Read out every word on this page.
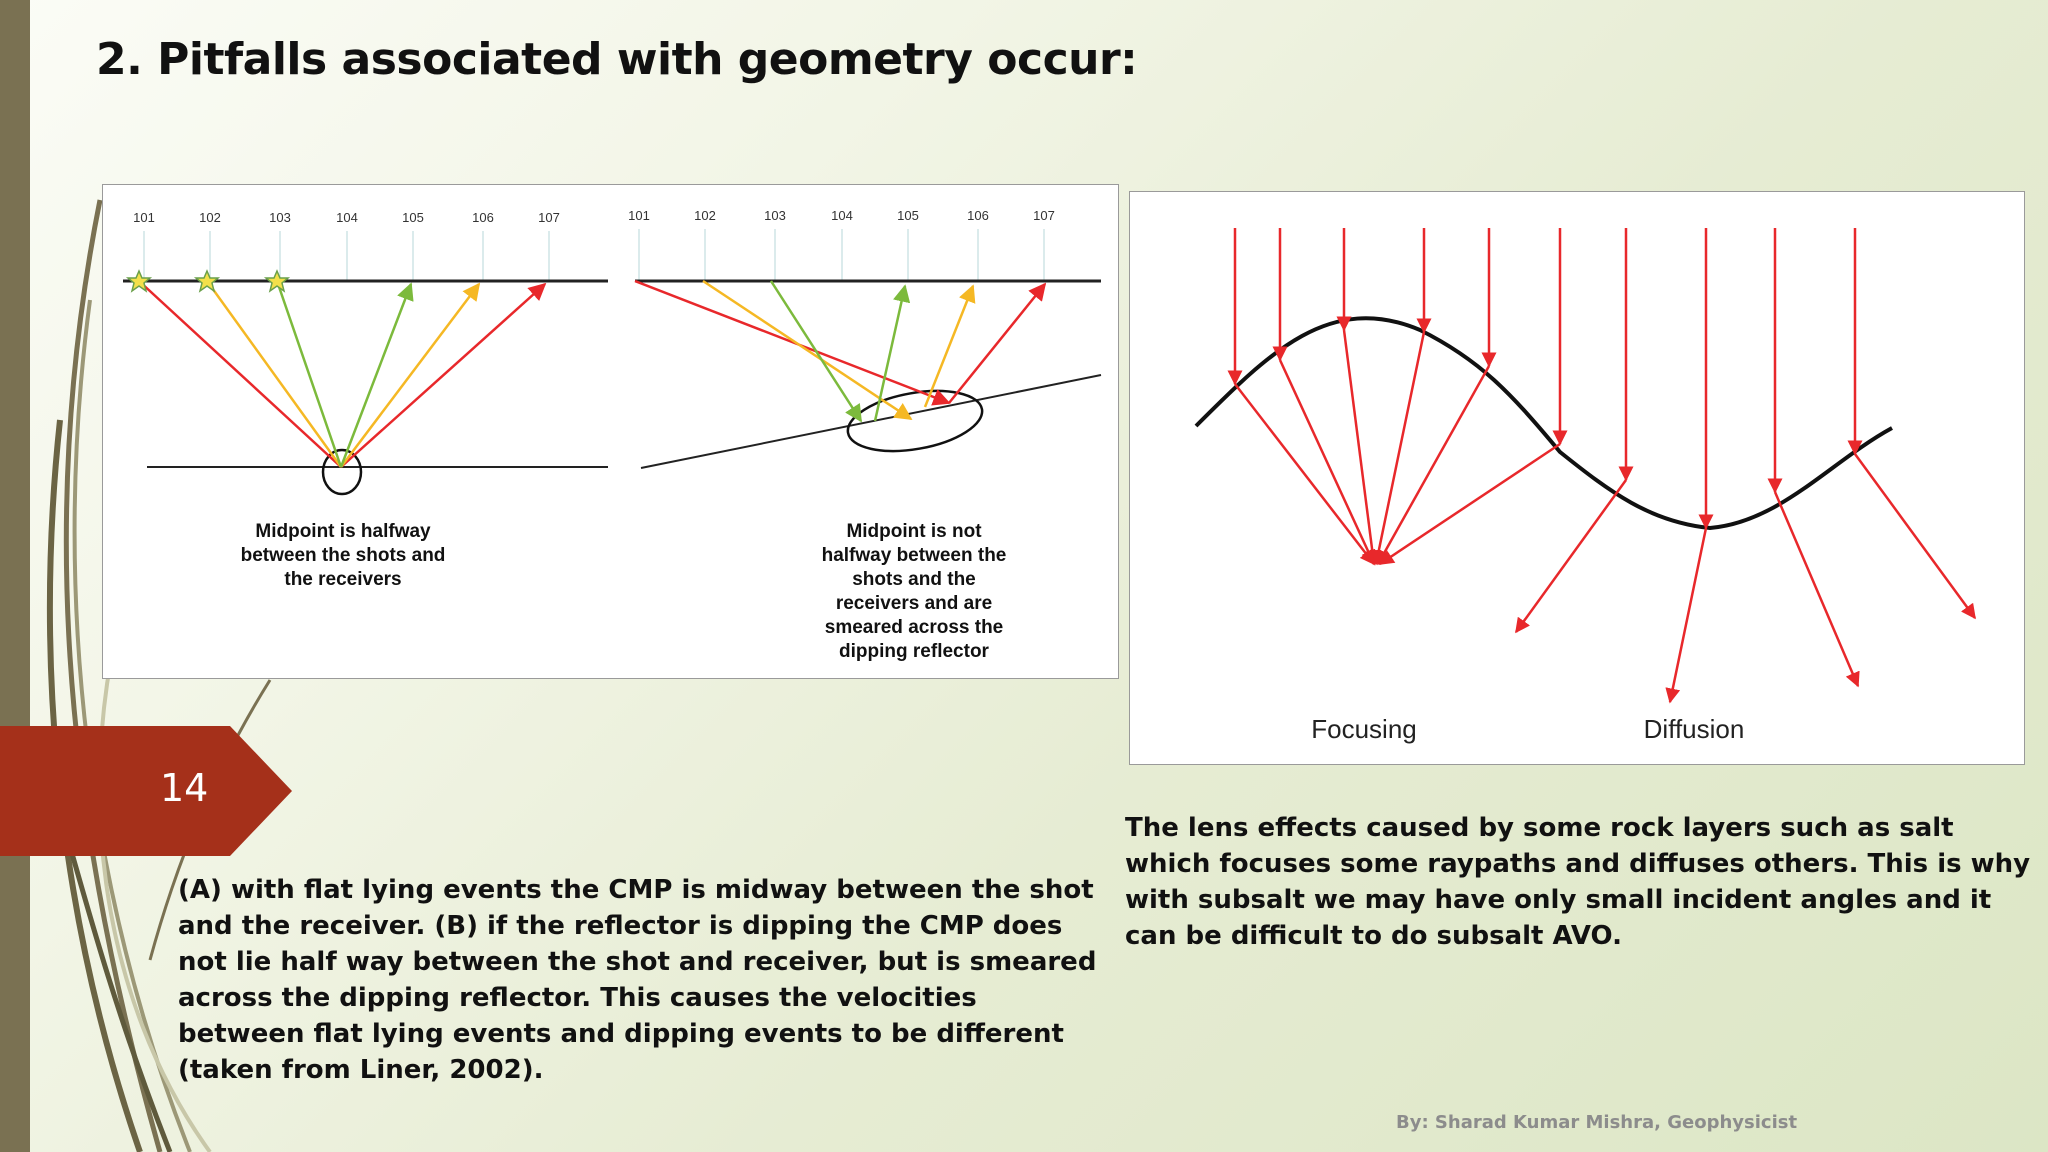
2. Pitfalls associated with geometry occur:
101	102	103	104	105	106	107	101	102	103	104	105	106	107
Midpoint is halfway
between the shots and
the receivers
Midpoint is not
halfway between the
shots and the
receivers and are
smeared across the
dipping reflector
Focusing	Diffusion
14

(A) with flat lying events the CMP is midway between the shot and the receiver. (B) if the reflector is dipping the CMP does not lie half way between the shot and receiver, but is smeared across the dipping reflector. This causes the velocities between flat lying events and dipping events to be different (taken from Liner, 2002).

The lens effects caused by some rock layers such as salt which focuses some raypaths and diffuses others. This is why with subsalt we may have only small incident angles and it can be difficult to do subsalt AVO.

By: Sharad Kumar Mishra, Geophysicist
